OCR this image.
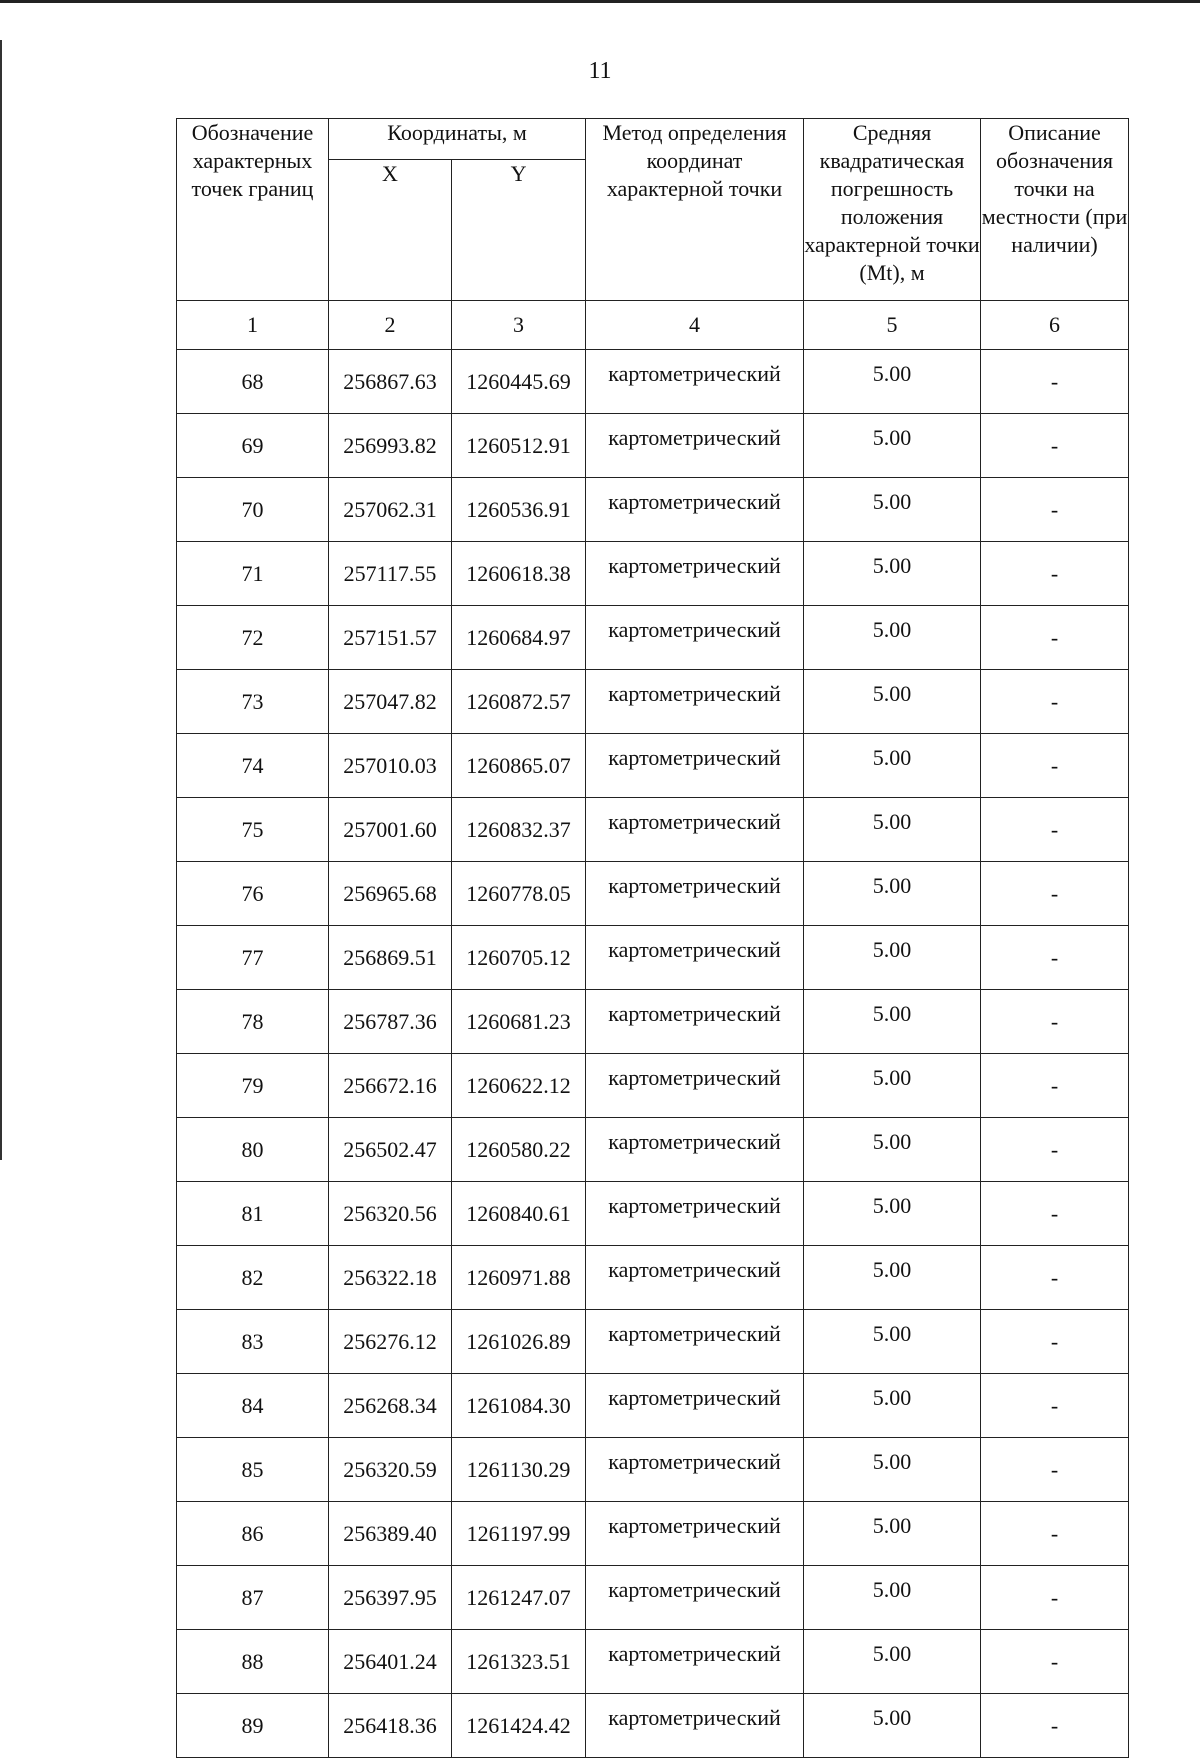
11
Обозначение характерных точек границ	Координаты, м		Метод определения координат характерной точки	Средняя квадратическая погрешность положения характерной точки (Mt), м	Описание обозначения точки на местности (при наличии)
	X	Y			
1	2	3	4	5	6
68	256867.63	1260445.69	картометрический	5.00	-
69	256993.82	1260512.91	картометрический	5.00	-
70	257062.31	1260536.91	картометрический	5.00	-
71	257117.55	1260618.38	картометрический	5.00	-
72	257151.57	1260684.97	картометрический	5.00	-
73	257047.82	1260872.57	картометрический	5.00	-
74	257010.03	1260865.07	картометрический	5.00	-
75	257001.60	1260832.37	картометрический	5.00	-
76	256965.68	1260778.05	картометрический	5.00	-
77	256869.51	1260705.12	картометрический	5.00	-
78	256787.36	1260681.23	картометрический	5.00	-
79	256672.16	1260622.12	картометрический	5.00	-
80	256502.47	1260580.22	картометрический	5.00	-
81	256320.56	1260840.61	картометрический	5.00	-
82	256322.18	1260971.88	картометрический	5.00	-
83	256276.12	1261026.89	картометрический	5.00	-
84	256268.34	1261084.30	картометрический	5.00	-
85	256320.59	1261130.29	картометрический	5.00	-
86	256389.40	1261197.99	картометрический	5.00	-
87	256397.95	1261247.07	картометрический	5.00	-
88	256401.24	1261323.51	картометрический	5.00	-
89	256418.36	1261424.42	картометрический	5.00	-
